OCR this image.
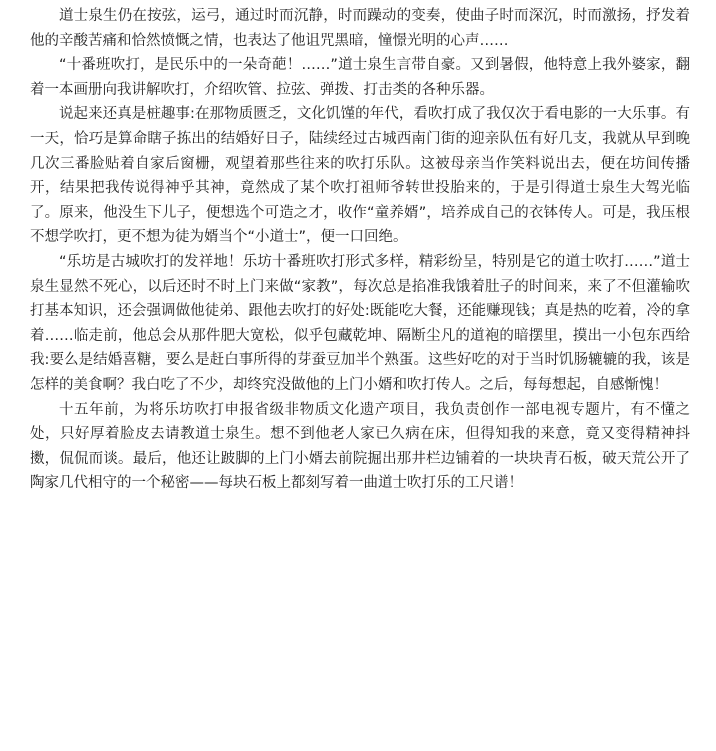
道士泉生仍在按弦，运弓，通过时而沉静，时而躁动的变奏，使曲子时而深沉，时而激扬，抒发着他的辛酸苦痛和恰然愤慨之情，也表达了他诅咒黑暗，憧憬光明的心声……

“十番班吹打，是民乐中的一朵奇葩！……”道士泉生言带自豪。又到暑假，他特意上我外婆家，翻着一本画册向我讲解吹打，介绍吹管、拉弦、弹拨、打击类的各种乐器。

说起来还真是桩趣事:在那物质匮乏，文化饥馑的年代，看吹打成了我仅次于看电影的一大乐事。有一天，恰巧是算命瞎子拣出的结婚好日子，陆续经过古城西南门街的迎亲队伍有好几支，我就从早到晚几次三番脸贴着自家后窗栅，观望着那些往来的吹打乐队。这被母亲当作笑料说出去，便在坊间传播开，结果把我传说得神乎其神，竟然成了某个吹打祖师爷转世投胎来的，于是引得道士泉生大驾光临了。原来，他没生下儿子，便想选个可造之才，收作“童养婿”，培养成自己的衣钵传人。可是，我压根不想学吹打，更不想为徒为婿当个“小道士”，便一口回绝。

“乐坊是古城吹打的发祥地！乐坊十番班吹打形式多样，精彩纷呈，特别是它的道士吹打……”道士泉生显然不死心，以后还时不时上门来做“家教”，每次总是掐准我饿着肚子的时间来，来了不但灌输吹打基本知识，还会强调做他徒弟、跟他去吹打的好处:既能吃大餐，还能赚现钱；真是热的吃着，冷的拿着……临走前，他总会从那件肥大宽松，似乎包藏乾坤、隔断尘凡的道袍的暗摆里，摸出一小包东西给我:要么是结婚喜糖，要么是赶白事所得的芽蚕豆加半个熟蛋。这些好吃的对于当时饥肠辘辘的我，该是怎样的美食啊？我白吃了不少，却终究没做他的上门小婿和吹打传人。之后，每每想起，自感惭愧！

十五年前，为将乐坊吹打申报省级非物质文化遗产项目，我负责创作一部电视专题片，有不懂之处，只好厚着脸皮去请教道士泉生。想不到他老人家已久病在床，但得知我的来意，竟又变得精神抖擞，侃侃而谈。最后，他还让跛脚的上门小婿去前院掘出那井栏边铺着的一块块青石板，破天荒公开了陶家几代相守的一个秘密——每块石板上都刻写着一曲道士吹打乐的工尺谱！
